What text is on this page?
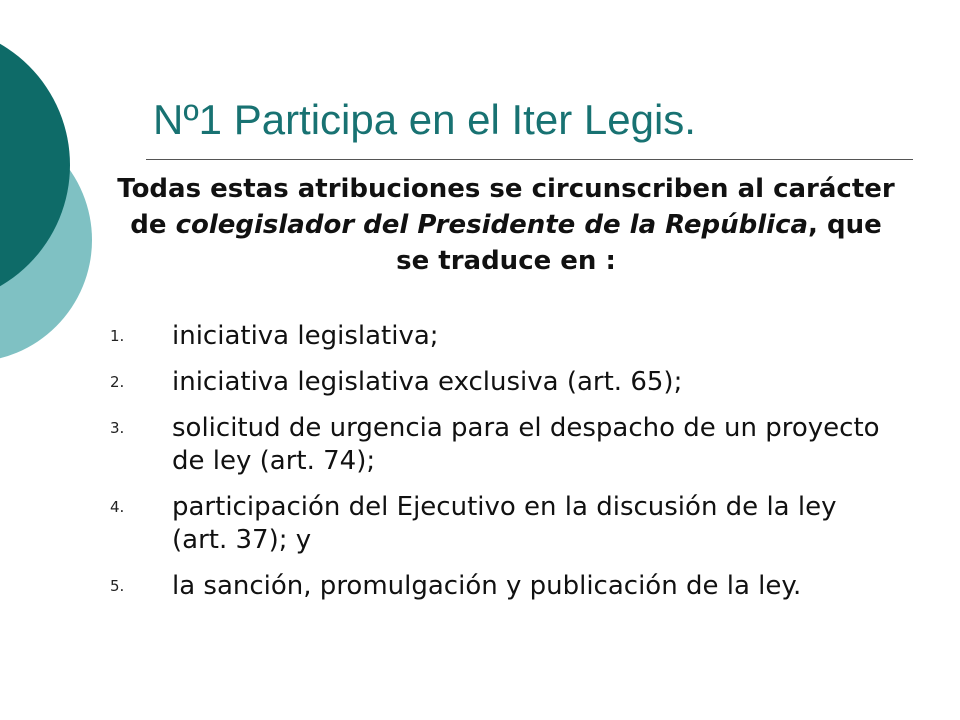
Nº1 Participa en el Iter Legis.
Todas estas atribuciones se circunscriben al carácter de colegislador del Presidente de la República, que se traduce en :
1. iniciativa legislativa;
2. iniciativa legislativa exclusiva (art. 65);
3. solicitud de urgencia para el despacho de un proyecto de ley (art. 74);
4. participación del Ejecutivo en la discusión de la ley (art. 37); y
5. la sanción, promulgación y publicación de la ley.
